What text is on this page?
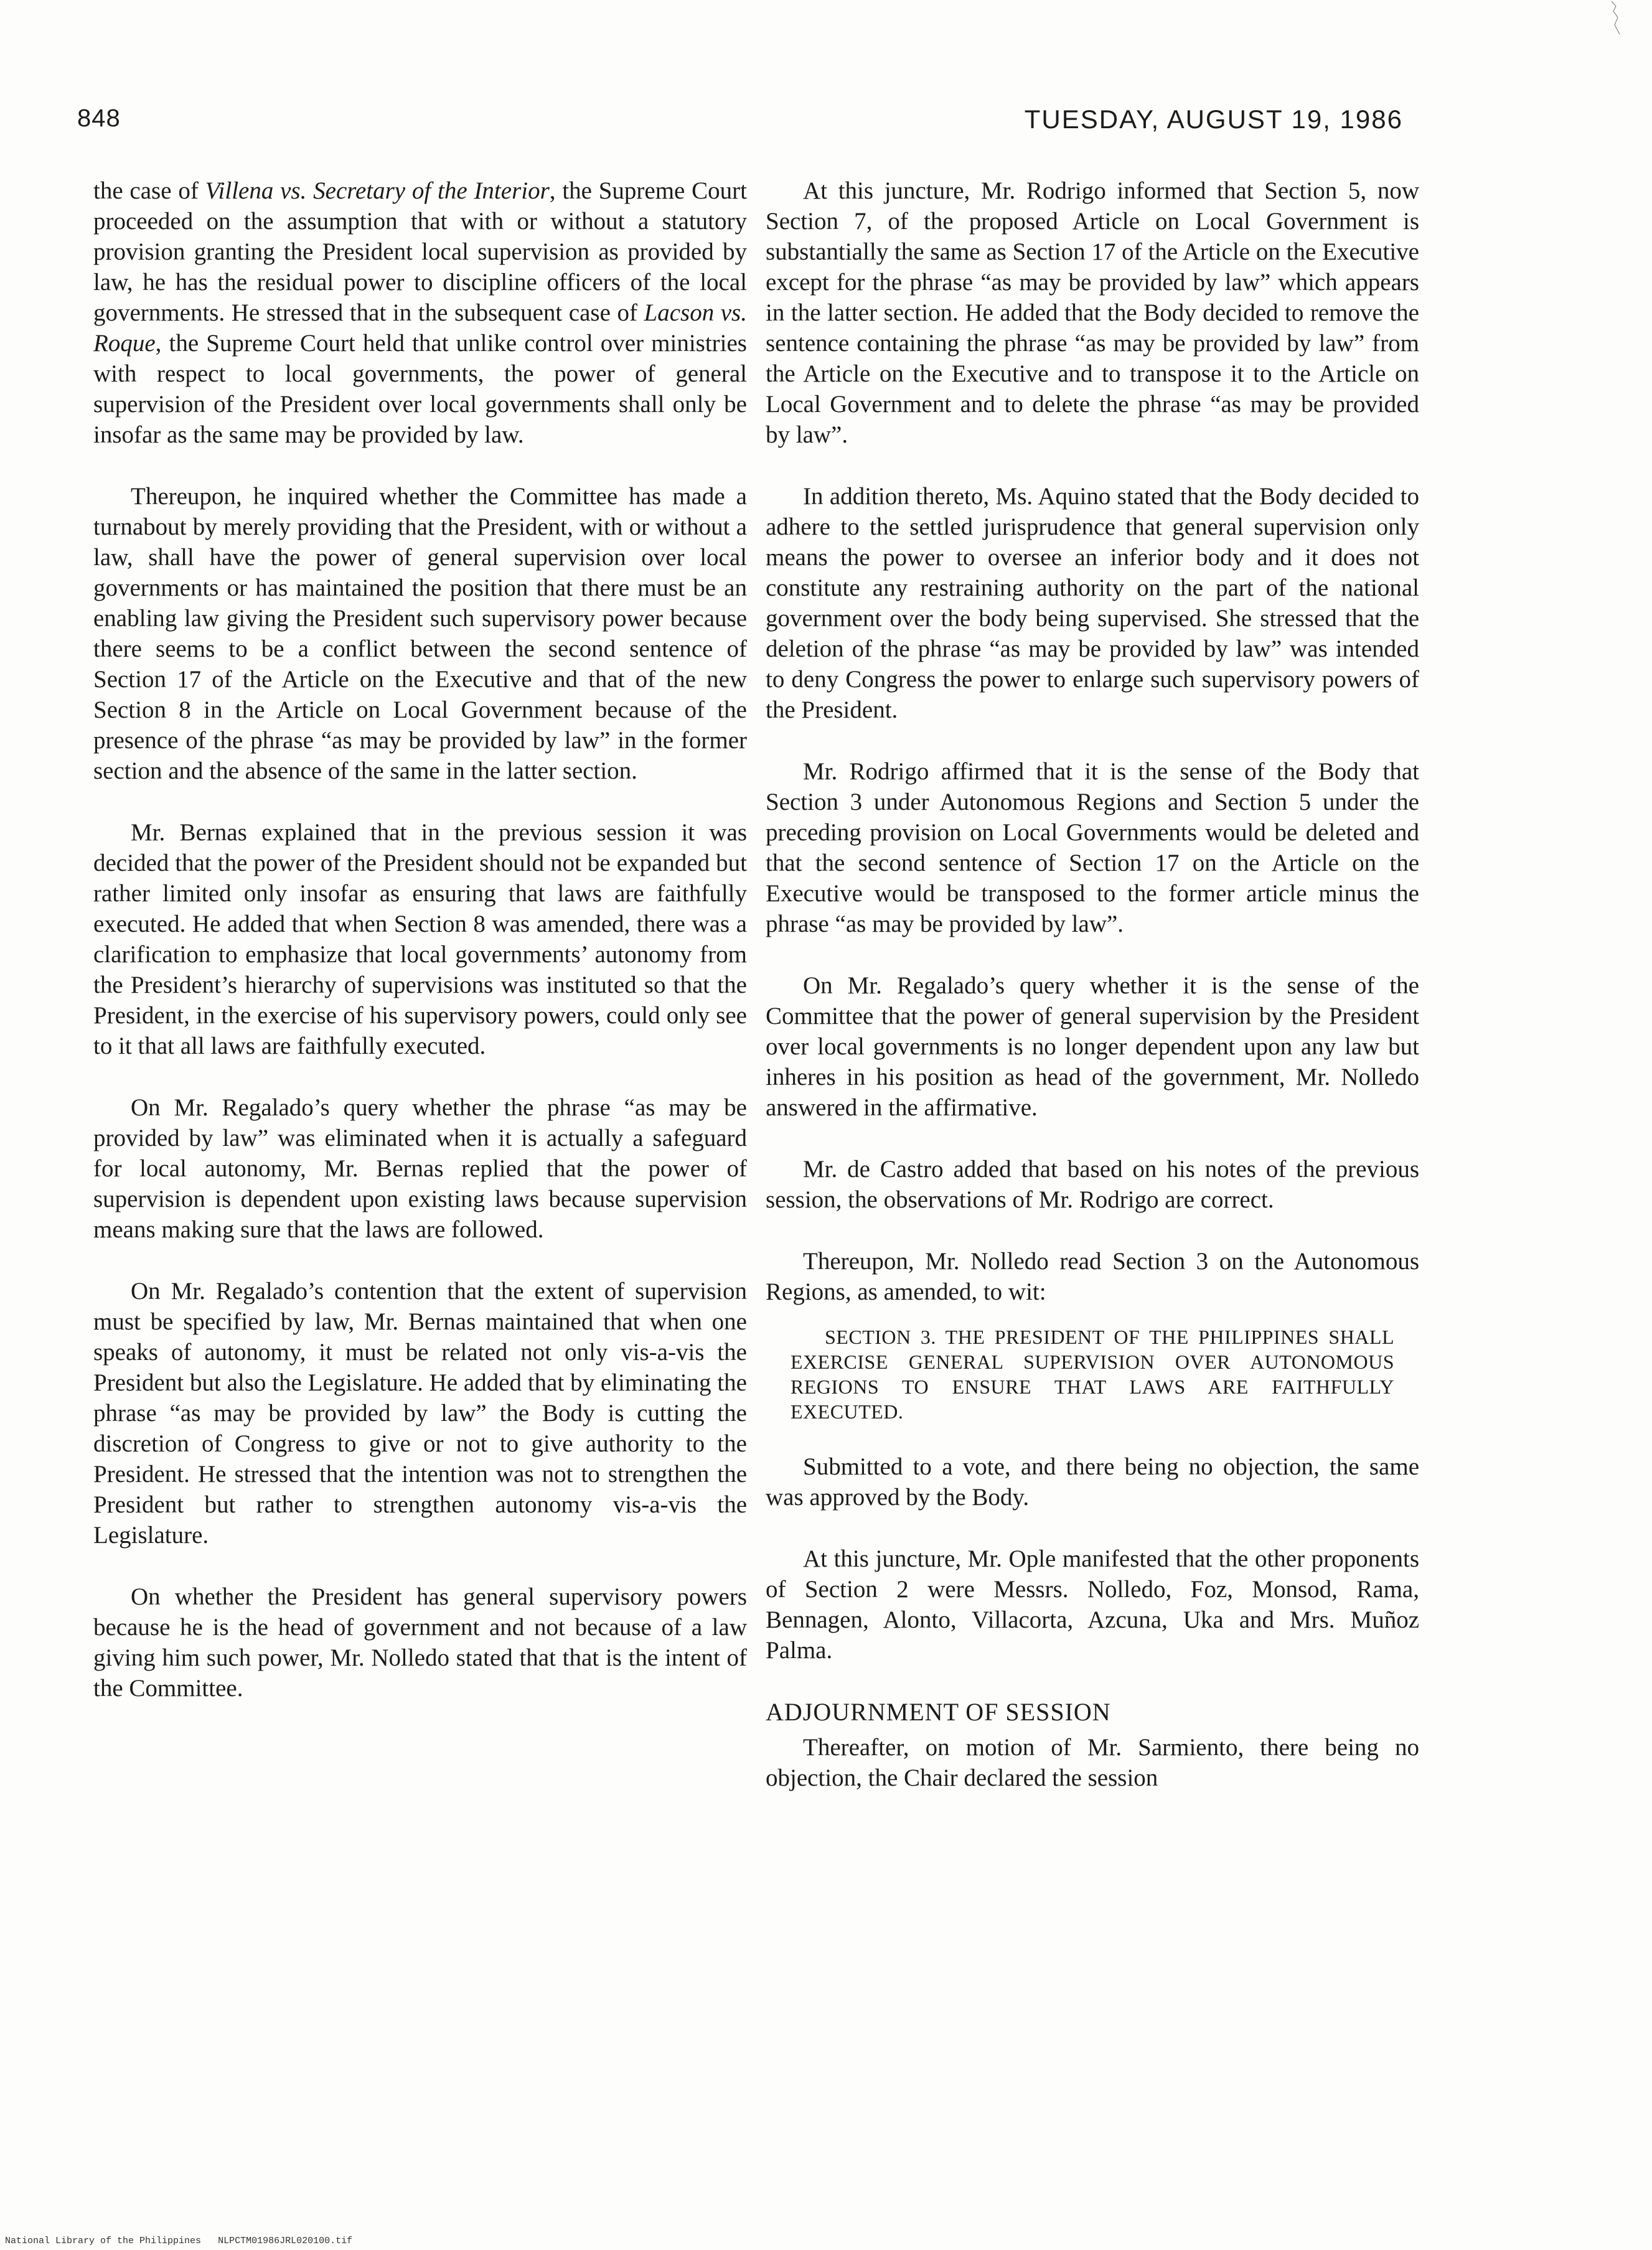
848	TUESDAY, AUGUST 19, 1986

the case of Villena vs. Secretary of the Interior, the Supreme Court proceeded on the assumption that with or without a statutory provision granting the President local supervision as provided by law, he has the residual power to discipline officers of the local governments. He stressed that in the subsequent case of Lacson vs. Roque, the Supreme Court held that unlike control over ministries with respect to local governments, the power of general supervision of the President over local governments shall only be insofar as the same may be provided by law.

Thereupon, he inquired whether the Committee has made a turnabout by merely providing that the President, with or without a law, shall have the power of general supervision over local governments or has maintained the position that there must be an enabling law giving the President such supervisory power because there seems to be a conflict between the second sentence of Section 17 of the Article on the Executive and that of the new Section 8 in the Article on Local Government because of the presence of the phrase “as may be provided by law” in the former section and the absence of the same in the latter section.

Mr. Bernas explained that in the previous session it was decided that the power of the President should not be expanded but rather limited only insofar as ensuring that laws are faithfully executed. He added that when Section 8 was amended, there was a clarification to emphasize that local governments’ autonomy from the President’s hierarchy of supervisions was instituted so that the President, in the exercise of his supervisory powers, could only see to it that all laws are faithfully executed.

On Mr. Regalado’s query whether the phrase “as may be provided by law” was eliminated when it is actually a safeguard for local autonomy, Mr. Bernas replied that the power of supervision is dependent upon existing laws because supervision means making sure that the laws are followed.

On Mr. Regalado’s contention that the extent of supervision must be specified by law, Mr. Bernas maintained that when one speaks of autonomy, it must be related not only vis-a-vis the President but also the Legislature. He added that by eliminating the phrase “as may be provided by law” the Body is cutting the discretion of Congress to give or not to give authority to the President. He stressed that the intention was not to strengthen the President but rather to strengthen autonomy vis-a-vis the Legislature.

On whether the President has general supervisory powers because he is the head of government and not because of a law giving him such power, Mr. Nolledo stated that that is the intent of the Committee.

At this juncture, Mr. Rodrigo informed that Section 5, now Section 7, of the proposed Article on Local Government is substantially the same as Section 17 of the Article on the Executive except for the phrase “as may be provided by law” which appears in the latter section. He added that the Body decided to remove the sentence containing the phrase “as may be provided by law” from the Article on the Executive and to transpose it to the Article on Local Government and to delete the phrase “as may be provided by law”.

In addition thereto, Ms. Aquino stated that the Body decided to adhere to the settled jurisprudence that general supervision only means the power to oversee an inferior body and it does not constitute any restraining authority on the part of the national government over the body being supervised. She stressed that the deletion of the phrase “as may be provided by law” was intended to deny Congress the power to enlarge such supervisory powers of the President.

Mr. Rodrigo affirmed that it is the sense of the Body that Section 3 under Autonomous Regions and Section 5 under the preceding provision on Local Governments would be deleted and that the second sentence of Section 17 on the Article on the Executive would be transposed to the former article minus the phrase “as may be provided by law”.

On Mr. Regalado’s query whether it is the sense of the Committee that the power of general supervision by the President over local governments is no longer dependent upon any law but inheres in his position as head of the government, Mr. Nolledo answered in the affirmative.

Mr. de Castro added that based on his notes of the previous session, the observations of Mr. Rodrigo are correct.

Thereupon, Mr. Nolledo read Section 3 on the Autonomous Regions, as amended, to wit:

SECTION 3. THE PRESIDENT OF THE PHILIPPINES SHALL EXERCISE GENERAL SUPERVISION OVER AUTONOMOUS REGIONS TO ENSURE THAT LAWS ARE FAITHFULLY EXECUTED.

Submitted to a vote, and there being no objection, the same was approved by the Body.

At this juncture, Mr. Ople manifested that the other proponents of Section 2 were Messrs. Nolledo, Foz, Monsod, Rama, Bennagen, Alonto, Villacorta, Azcuna, Uka and Mrs. Muñoz Palma.

ADJOURNMENT OF SESSION

Thereafter, on motion of Mr. Sarmiento, there being no objection, the Chair declared the session

National Library of the Philippines NLPCTM01986JRL020100.tif
